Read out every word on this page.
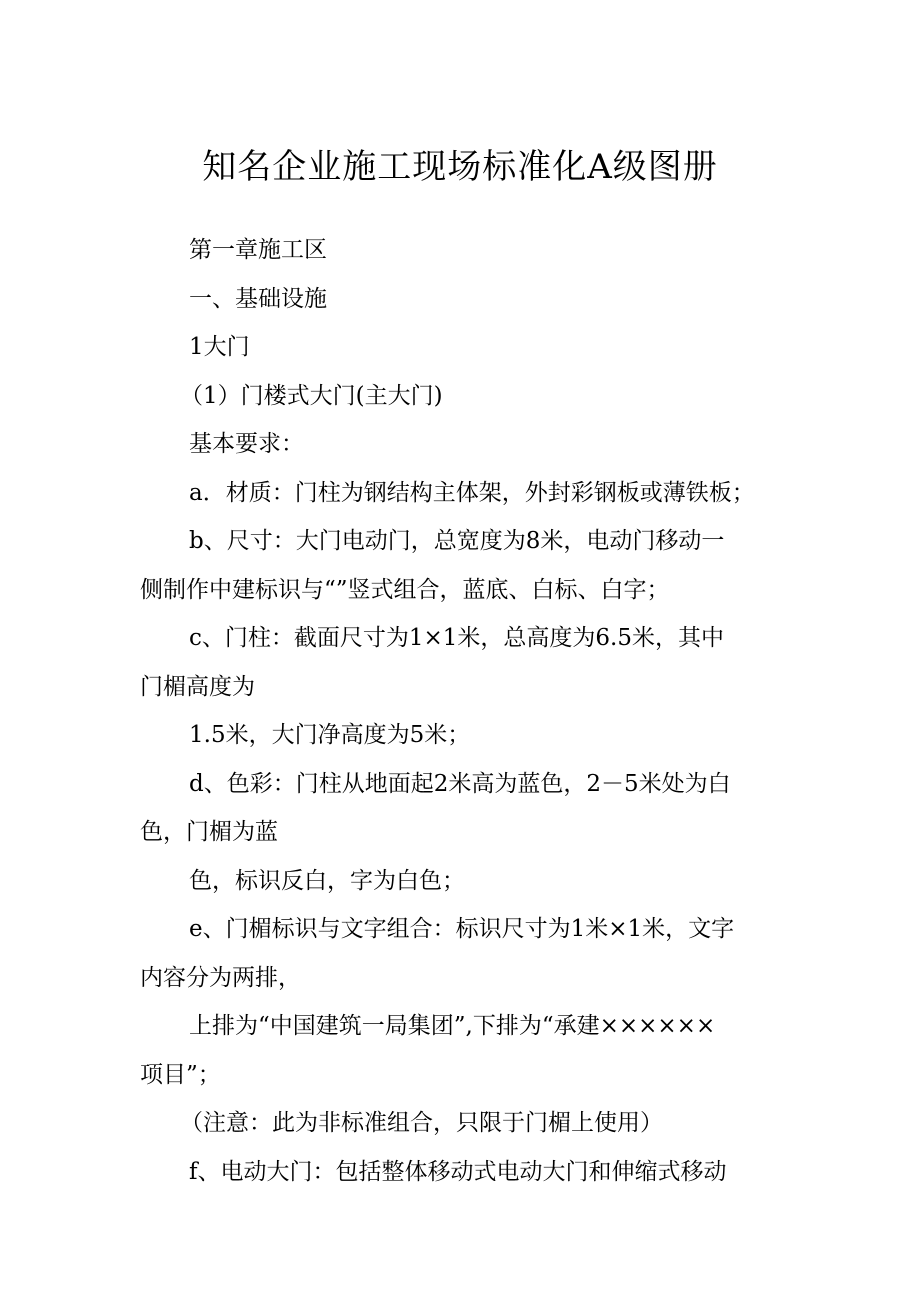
知名企业施工现场标准化A级图册
第一章施工区
一、基础设施
1大门
（1）门楼式大门(主大门)
基本要求：
a．材质：门柱为钢结构主体架，外封彩钢板或薄铁板；
b、尺寸：大门电动门，总宽度为8米，电动门移动一
侧制作中建标识与“”竖式组合，蓝底、白标、白字；
c、门柱：截面尺寸为1×1米，总高度为6.5米，其中
门楣高度为
1.5米，大门净高度为5米；
d、色彩：门柱从地面起2米高为蓝色，2－5米处为白
色，门楣为蓝
色，标识反白，字为白色；
e、门楣标识与文字组合：标识尺寸为1米×1米，文字
内容分为两排，
上排为“中国建筑一局集团”,下排为“承建××××××
项目”；
（注意：此为非标准组合，只限于门楣上使用）
f、电动大门：包括整体移动式电动大门和伸缩式移动
